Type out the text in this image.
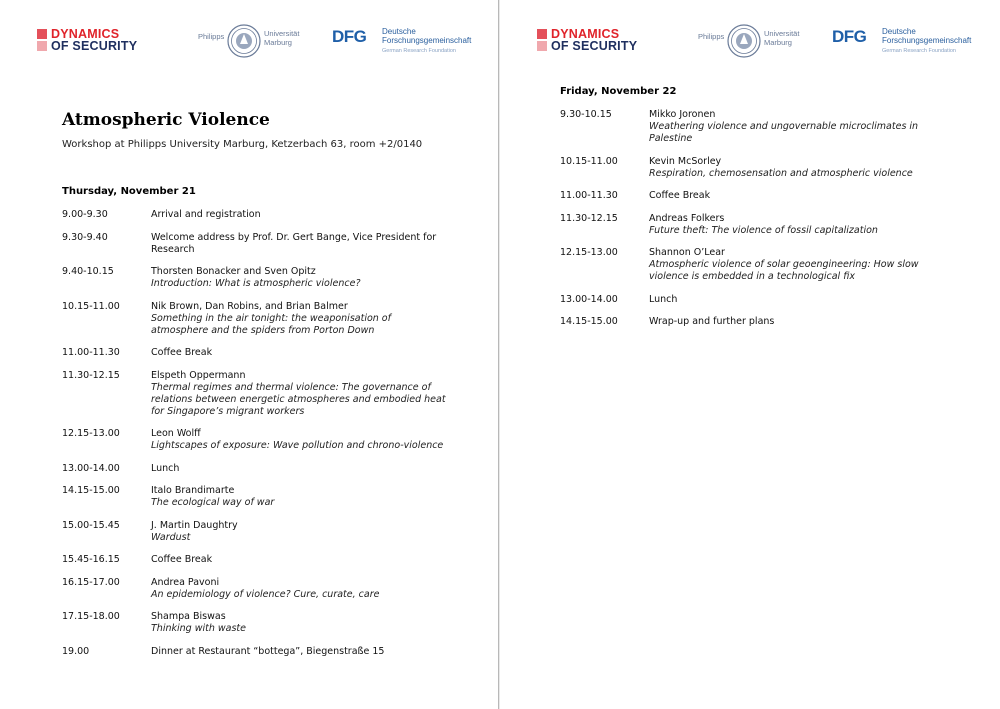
DYNAMICS
OF SECURITY
Philipps	Universität
Marburg	DFG Deutsche
Forschungsgemeinschaft
German Research Foundation
Atmospheric Violence
Workshop at Philipps University Marburg, Ketzerbach 63, room +2/0140
Thursday, November 21
9.00-9.30	Arrival and registration
9.30-9.40	Welcome address by Prof. Dr. Gert Bange, Vice President for Research
9.40-10.15	Thorsten Bonacker and Sven Opitz
Introduction: What is atmospheric violence?
10.15-11.00	Nik Brown, Dan Robins, and Brian Balmer
Something in the air tonight: the weaponisation of atmosphere and the spiders from Porton Down
11.00-11.30	Coffee Break
11.30-12.15	Elspeth Oppermann
Thermal regimes and thermal violence: The governance of relations between energetic atmospheres and embodied heat for Singapore’s migrant workers
12.15-13.00	Leon Wolff
Lightscapes of exposure: Wave pollution and chrono-violence
13.00-14.00	Lunch
14.15-15.00	Italo Brandimarte
The ecological way of war
15.00-15.45	J. Martin Daughtry
Wardust
15.45-16.15	Coffee Break
16.15-17.00	Andrea Pavoni
An epidemiology of violence? Cure, curate, care
17.15-18.00	Shampa Biswas
Thinking with waste
19.00	Dinner at Restaurant “bottega”, Biegenstraße 15
DYNAMICS
OF SECURITY
Philipps	Universität
Marburg	DFG Deutsche
Forschungsgemeinschaft
German Research Foundation
Friday, November 22
9.30-10.15	Mikko Joronen
Weathering violence and ungovernable microclimates in Palestine
10.15-11.00	Kevin McSorley
Respiration, chemosensation and atmospheric violence
11.00-11.30	Coffee Break
11.30-12.15	Andreas Folkers
Future theft: The violence of fossil capitalization
12.15-13.00	Shannon O’Lear
Atmospheric violence of solar geoengineering: How slow violence is embedded in a technological fix
13.00-14.00	Lunch
14.15-15.00	Wrap-up and further plans
